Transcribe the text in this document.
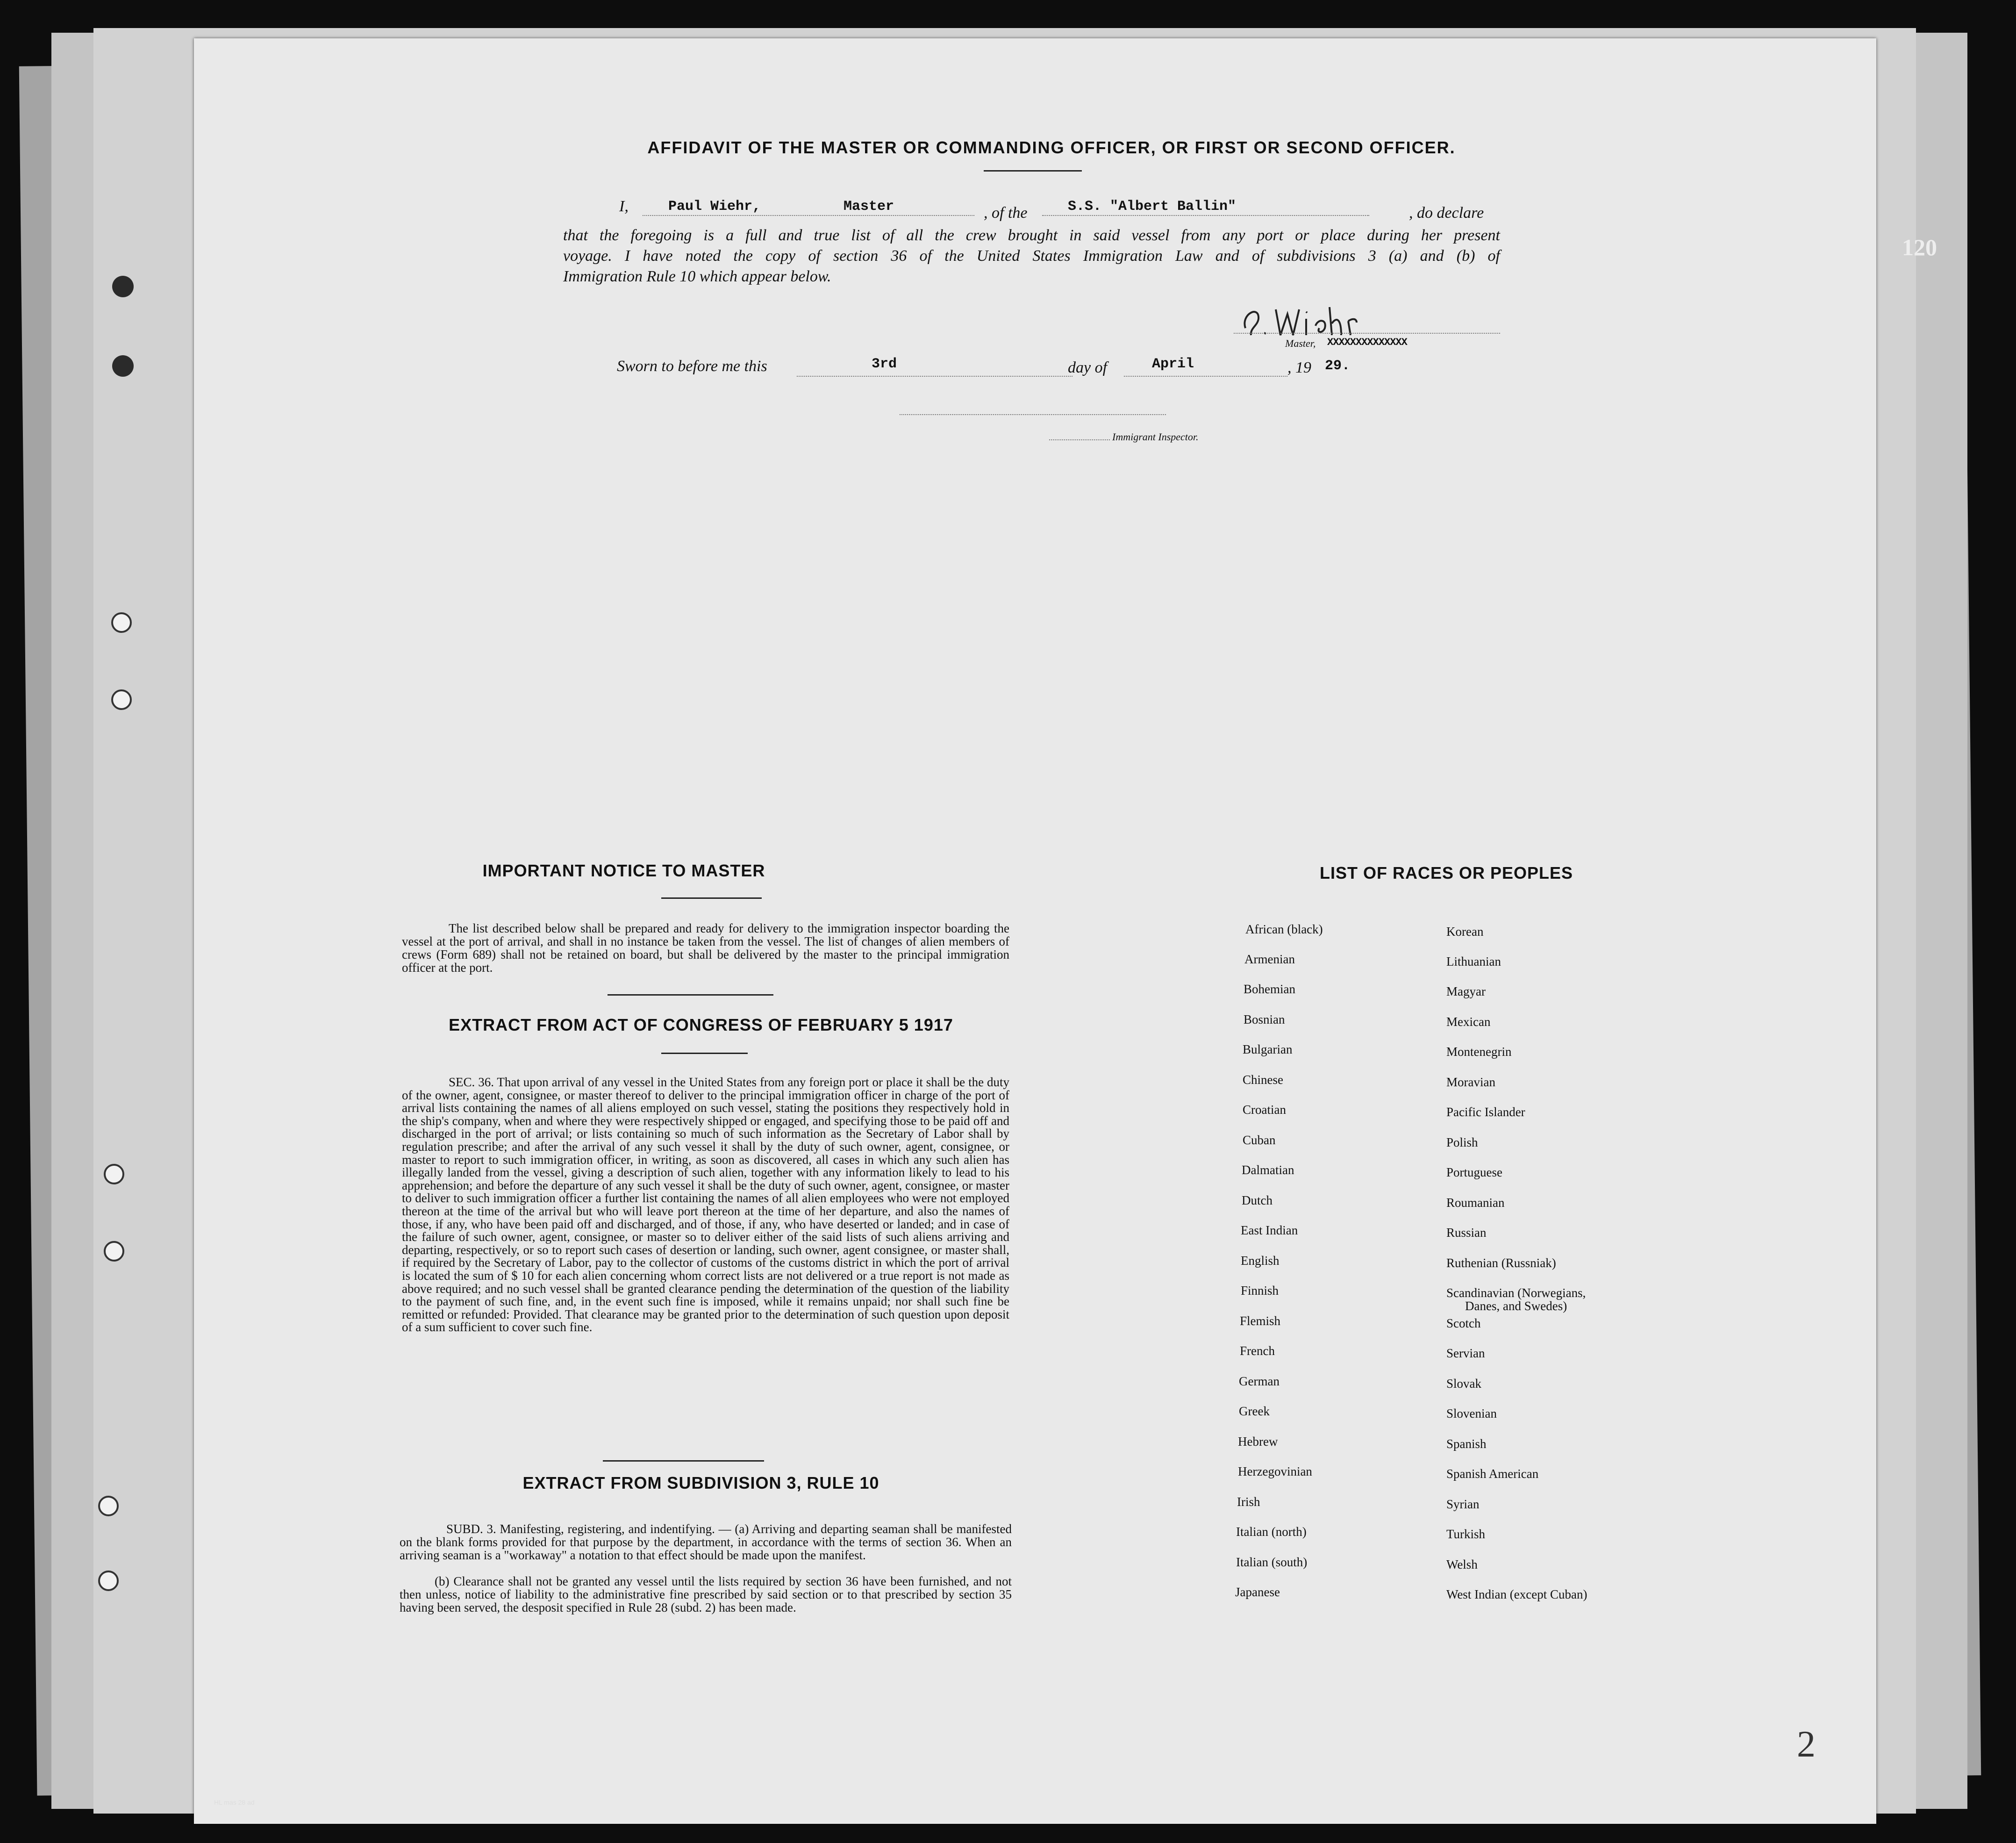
120
AFFIDAVIT OF THE MASTER OR COMMANDING OFFICER, OR FIRST OR SECOND OFFICER.
I,	Paul Wiehr,	Master	, of the	S.S. "Albert Ballin"	, do declare
that the foregoing is a full and true list of all the crew brought in said vessel from any port or place during her present
voyage. I have noted the copy of section 36 of the United States Immigration Law and of subdivisions 3 (a) and (b) of
Immigration Rule 10 which appear below.
Master, XXXXXXXXXXXXXX
Sworn to before me this	3rd	day of	April	, 19 29.
Immigrant Inspector.
IMPORTANT NOTICE TO MASTER
The list described below shall be prepared and ready for delivery to the immigration inspector boarding the vessel at the port of arrival, and shall in no instance be taken from the vessel. The list of changes of alien members of crews (Form 689) shall not be retained on board, but shall be delivered by the master to the principal immigration officer at the port.
EXTRACT FROM ACT OF CONGRESS OF FEBRUARY 5 1917
SEC. 36. That upon arrival of any vessel in the United States from any foreign port or place it shall be the duty of the owner, agent, consignee, or master thereof to deliver to the principal immigration officer in charge of the port of arrival lists containing the names of all aliens employed on such vessel, stating the positions they respectively hold in the ship's company, when and where they were respectively shipped or engaged, and specifying those to be paid off and discharged in the port of arrival; or lists containing so much of such information as the Secretary of Labor shall by regulation prescribe; and after the arrival of any such vessel it shall by the duty of such owner, agent, consignee, or master to report to such immigration officer, in writing, as soon as discovered, all cases in which any such alien has illegally landed from the vessel, giving a description of such alien, together with any information likely to lead to his apprehension; and before the departure of any such vessel it shall be the duty of such owner, agent, consignee, or master to deliver to such immigration officer a further list containing the names of all alien employees who were not employed thereon at the time of the arrival but who will leave port thereon at the time of her departure, and also the names of those, if any, who have been paid off and discharged, and of those, if any, who have deserted or landed; and in case of the failure of such owner, agent, consignee, or master so to deliver either of the said lists of such aliens arriving and departing, respectively, or so to report such cases of desertion or landing, such owner, agent consignee, or master shall, if required by the Secretary of Labor, pay to the collector of customs of the customs district in which the port of arrival is located the sum of $ 10 for each alien concerning whom correct lists are not delivered or a true report is not made as above required; and no such vessel shall be granted clearance pending the determination of the question of the liability to the payment of such fine, and, in the event such fine is imposed, while it remains unpaid; nor shall such fine be remitted or refunded: Provided. That clearance may be granted prior to the determination of such question upon deposit of a sum sufficient to cover such fine.
EXTRACT FROM SUBDIVISION 3, RULE 10
SUBD. 3. Manifesting, registering, and indentifying. — (a) Arriving and departing seaman shall be manifested on the blank forms provided for that purpose by the department, in accordance with the terms of section 36. When an arriving seaman is a "workaway" a notation to that effect should be made upon the manifest.
(b) Clearance shall not be granted any vessel until the lists required by section 36 have been furnished, and not then unless, notice of liability to the administrative fine prescribed by said section or to that prescribed by section 35 having been served, the desposit specified in Rule 28 (subd. 2) has been made.
LIST OF RACES OR PEOPLES
African (black)
Armenian
Bohemian
Bosnian
Bulgarian
Chinese
Croatian
Cuban
Dalmatian
Dutch
East Indian
English
Finnish
Flemish
French
German
Greek
Hebrew
Herzegovinian
Irish
Italian (north)
Italian (south)
Japanese
Korean
Lithuanian
Magyar
Mexican
Montenegrin
Moravian
Pacific Islander
Polish
Portuguese
Roumanian
Russian
Ruthenian (Russniak)
Scandinavian (Norwegians,
Danes, and Swedes)
Scotch
Servian
Slovak
Slovenian
Spanish
Spanish American
Syrian
Turkish
Welsh
West Indian (except Cuban)
2
HL mas 28 ad
